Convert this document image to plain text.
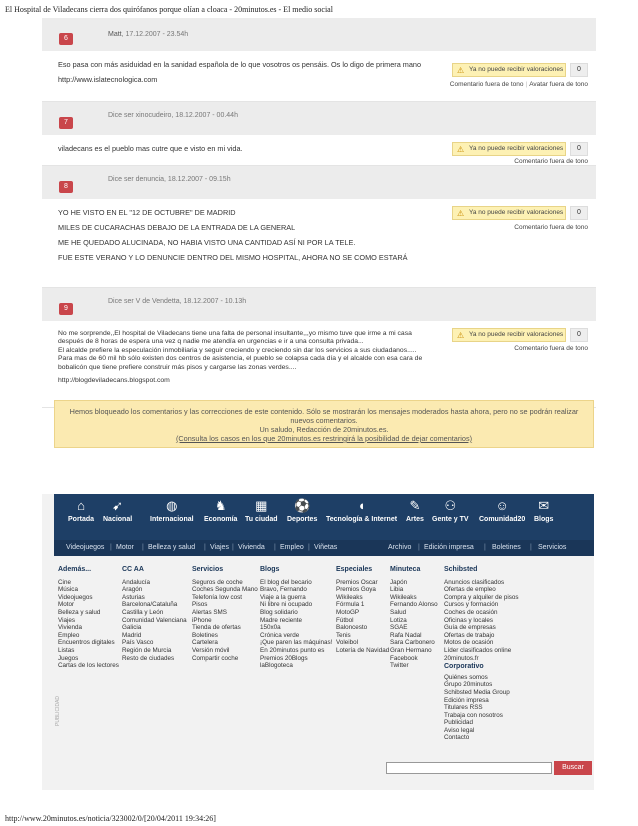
El Hospital de Viladecans cierra dos quirófanos porque olían a cloaca - 20minutos.es - El medio social
6
Matt, 17.12.2007 - 23.54h

Eso pasa con más asiduidad en la sanidad española de lo que vosotros os pensáis. Os lo digo de primera mano

http://www.islatecnologica.com

⚠ Ya no puede recibir valoraciones	0
Comentario fuera de tono | Avatar fuera de tono
7
Dice ser xinocudeiro, 18.12.2007 - 00.44h

viladecans es el pueblo mas cutre que e visto en mi vida.	⚠ Ya no puede recibir valoraciones	0
Comentario fuera de tono
8
Dice ser denuncia, 18.12.2007 - 09.15h

YO HE VISTO EN EL "12 DE OCTUBRE" DE MADRID

MILES DE CUCARACHAS DEBAJO DE LA ENTRADA DE LA GENERAL

ME HE QUEDADO ALUCINADA, NO HABIA VISTO UNA CANTIDAD ASÍ NI POR LA TELE.

FUE ESTE VERANO Y LO DENUNCIE DENTRO DEL MISMO HOSPITAL, AHORA NO SE COMO ESTARÁ

⚠ Ya no puede recibir valoraciones	0
Comentario fuera de tono
9
Dice ser V de Vendetta, 18.12.2007 - 10.13h

No me sorprende,,El hospital de Viladecans tiene una falta de personal insultante,,,yo mismo tuve que irme a mi casa después de 8 horas de espera una vez q nadie me atendía en urgencias e ir a una consulta privada...

El alcalde prefiere la especulación inmobiliaria y seguir creciendo y creciendo sin dar los servicios a sus ciudadanos.....

Para mas de 60 mil hb sólo existen dos centros de asistencia, el pueblo se colapsa cada día y el alcalde con esa cara de bobalicón que tiene prefiere construir más pisos y cargarse las zonas verdes....

http://blogdeviladecans.blogspot.com

⚠ Ya no puede recibir valoraciones	0
Comentario fuera de tono
Hemos bloqueado los comentarios y las correcciones de este contenido. Sólo se mostrarán los mensajes moderados hasta ahora, pero no se podrán realizar nuevos comentarios.
Un saludo, Redacción de 20minutos.es.
(Consulta los casos en los que 20minutos.es restringirá la posibilidad de dejar comentarios)
⌂
Portada
➹
Nacional
◍
Internacional
♞
Economía
▦
Tu ciudad
⚽
Deportes
◖
Tecnología & Internet
✎
Artes
⚇
Gente y TV
☺
Comunidad20
✉
Blogs
Videojuegos Motor Belleza y salud Viajes Vivienda Empleo Viñetas	Archivo Edición impresa	Boletines Servicios
|	|	|	|	|	|	|	|	|
Además...
Cine
Música
Videojuegos
Motor
Belleza y salud
Viajes
Vivienda
Empleo
Encuentros digitales
Listas
Juegos
Cartas de los lectores
CC AA
Andalucía
Aragón
Asturias
Barcelona/Cataluña
Castilla y León
Comunidad Valenciana
Galicia
Madrid
País Vasco
Región de Murcia
Resto de ciudades
Servicios
Seguros de coche
Coches Segunda Mano
Telefonía low cost
Pisos
Alertas SMS
iPhone
Tienda de ofertas
Boletines
Cartelera
Versión móvil
Compartir coche
Blogs
El blog del becario
Bravo, Fernando
Viaje a la guerra
Ni libre ni ocupado
Blog solidario
Madre reciente
150x0a
Crónica verde
¡Que paren las máquinas!
En 20minutos punto es
Premios 20Blogs
laBlogoteca
Especiales
Premios Oscar
Premios Goya
Wikileaks
Fórmula 1
MotoGP
Fútbol
Baloncesto
Tenis
Voleibol
Lotería de Navidad
Minuteca
Japón
Libia
Wikileaks
Fernando Alonso
Salud
Lotiza
SGAE
Rafa Nadal
Sara Carbonero
Gran Hermano
Facebook
Twitter
Schibsted
Anuncios clasificados
Ofertas de empleo
Compra y alquiler de pisos
Cursos y formación
Coches de ocasión
Oficinas y locales
Guía de empresas
Ofertas de trabajo
Motos de ocasión
Líder clasificados online
20minutos.fr
Corporativo
Quiénes somos
Grupo 20minutos
Schibsted Media Group
Edición impresa
Titulares RSS
Trabaja con nosotros
Publicidad
Aviso legal
Contacto
PUBLICIDAD
Buscar
http://www.20minutos.es/noticia/323002/0/[20/04/2011 19:34:26]
